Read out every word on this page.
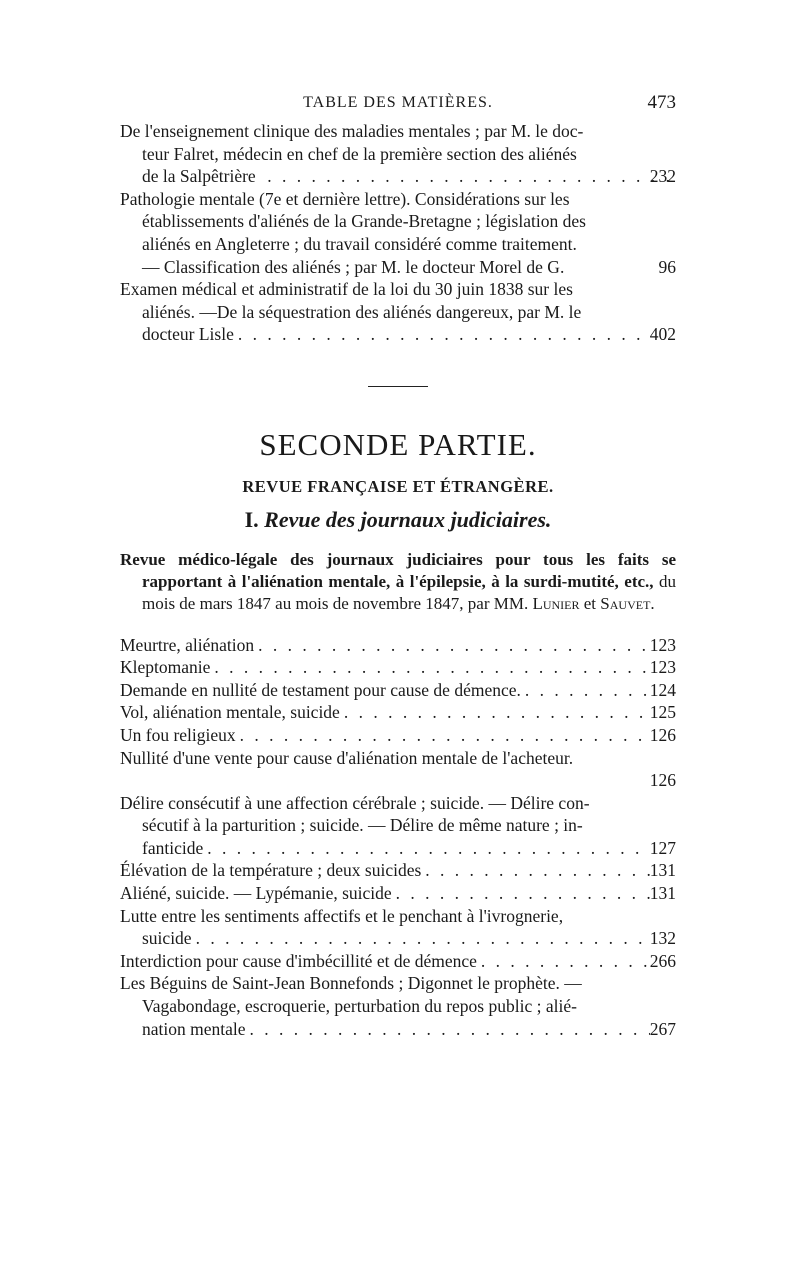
TABLE DES MATIÈRES.	473
De l'enseignement clinique des maladies mentales ; par M. le doc-
teur Falret, médecin en chef de la première section des aliénés
de la Salpêtrière . . .	232
Pathologie mentale (7e et dernière lettre). Considérations sur les
établissements d'aliénés de la Grande-Bretagne ; législation des
aliénés en Angleterre ; du travail considéré comme traitement.
— Classification des aliénés ; par M. le docteur Morel de G.	96
Examen médical et administratif de la loi du 30 juin 1838 sur les
aliénés. —De la séquestration des aliénés dangereux, par M. le
docteur Lisle . . .	402
SECONDE PARTIE.
REVUE FRANÇAISE ET ÉTRANGÈRE.
I. Revue des journaux judiciaires.
Revue médico-légale des journaux judiciaires pour tous les faits se rapportant à l'aliénation mentale, à l'épilepsie, à la surdi-mutité, etc., du mois de mars 1847 au mois de novembre 1847, par MM. Lunier et Sauvet.
Meurtre, aliénation . . .	123
Kleptomanie . . .	123
Demande en nullité de testament pour cause de démence. . . .	124
Vol, aliénation mentale, suicide . . .	125
Un fou religieux . . .	126
Nullité d'une vente pour cause d'aliénation mentale de l'acheteur.
126
Délire consécutif à une affection cérébrale ; suicide. — Délire con-
sécutif à la parturition ; suicide. — Délire de même nature ; in-
fanticide . . .	127
Élévation de la température ; deux suicides . . .	131
Aliéné, suicide. — Lypémanie, suicide . . .	131
Lutte entre les sentiments affectifs et le penchant à l'ivrognerie,
suicide . . .	132
Interdiction pour cause d'imbécillité et de démence . . .	266
Les Béguins de Saint-Jean Bonnefonds ; Digonnet le prophète. —
Vagabondage, escroquerie, perturbation du repos public ; alié-
nation mentale . . .	267
